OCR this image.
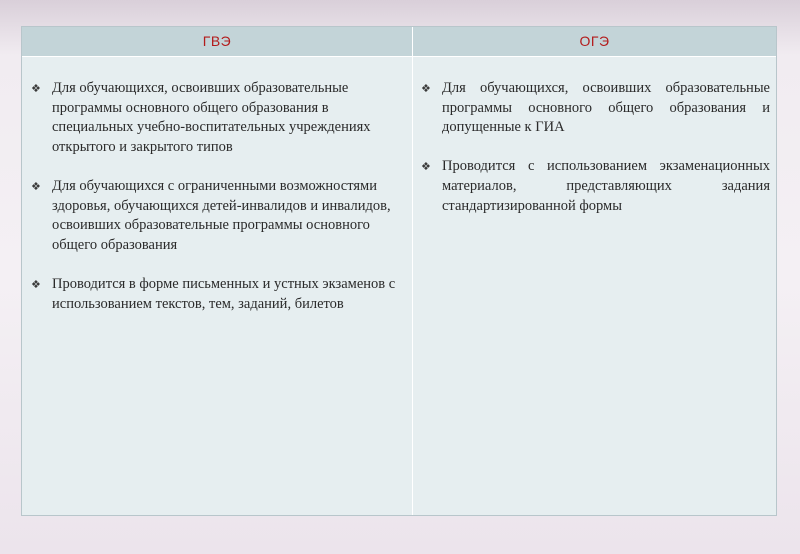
ГВЭ	ОГЭ
❖ Для обучающихся, освоивших образовательные программы основного общего образования в специальных учебно-воспитательных учреждениях открытого и закрытого типов
❖ Для обучающихся с ограниченными возможностями здоровья, обучающихся детей-инвалидов и инвалидов, освоивших образовательные программы основного общего образования
❖ Проводится в форме письменных и устных экзаменов с использованием текстов, тем, заданий, билетов
❖ Для обучающихся, освоивших образовательные программы основного общего образования и допущенные к ГИА
❖ Проводится с использованием экзаменационных материалов, представляющих задания стандартизированной формы
